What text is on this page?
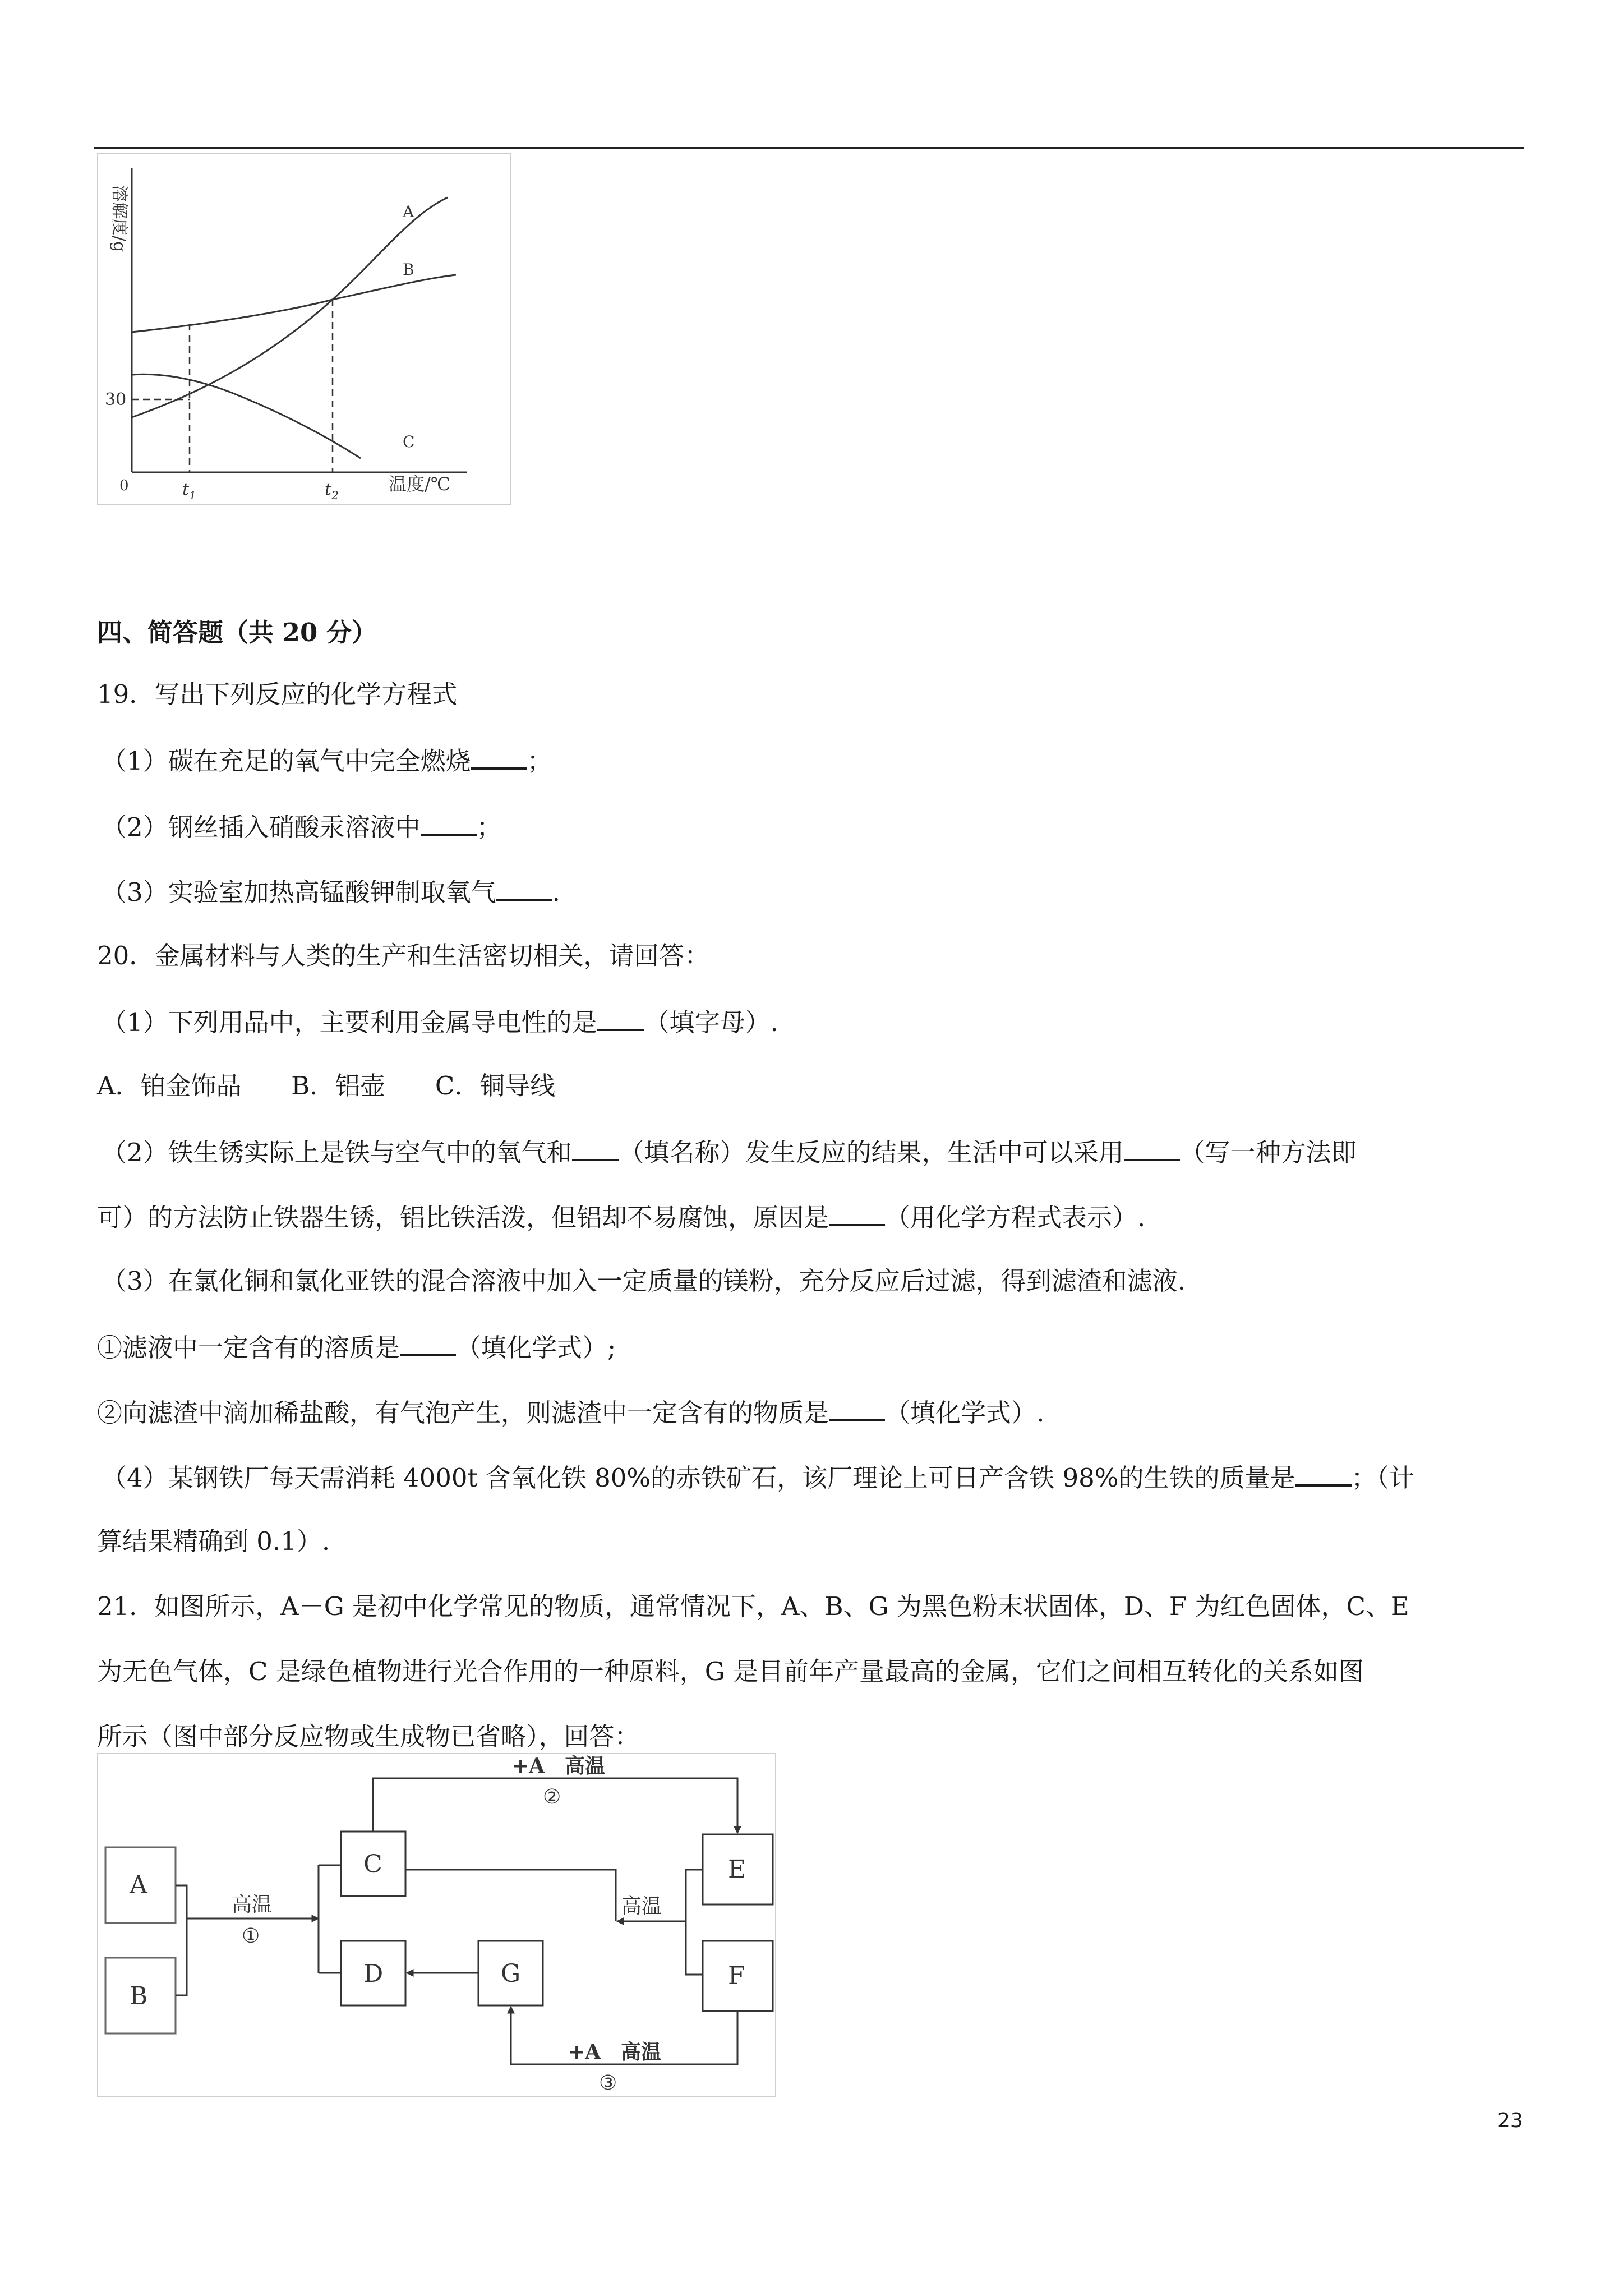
溶解度/g
30
0	$t_1$	$t_2$
温度/℃
A
B
C
四、简答题（共 20 分）
19．写出下列反应的化学方程式
（1）碳在充足的氧气中完全燃烧 ；
（2）钢丝插入硝酸汞溶液中 ；
（3）实验室加热高锰酸钾制取氧气 .
20．金属材料与人类的生产和生活密切相关，请回答：
（1）下列用品中，主要利用金属导电性的是 （填字母）.
A．铂金饰品 B．铝壶 C．铜导线
（2）铁生锈实际上是铁与空气中的氧气和 （填名称）发生反应的结果，生活中可以采用 （写一种方法即
可）的方法防止铁器生锈，铝比铁活泼，但铝却不易腐蚀，原因是 （用化学方程式表示）.
（3）在氯化铜和氯化亚铁的混合溶液中加入一定质量的镁粉，充分反应后过滤，得到滤渣和滤液.
①滤液中一定含有的溶质是 （填化学式）;
②向滤渣中滴加稀盐酸，有气泡产生，则滤渣中一定含有的物质是 （填化学式）.
（4）某钢铁厂每天需消耗 4000t 含氧化铁 80%的赤铁矿石，该厂理论上可日产含铁 98%的生铁的质量是 ；（计
算结果精确到 0.1）.
21．如图所示，A－G 是初中化学常见的物质，通常情况下，A、B、G 为黑色粉末状固体，D、F 为红色固体，C、E
为无色气体，C 是绿色植物进行光合作用的一种原料，G 是目前年产量最高的金属，它们之间相互转化的关系如图
所示（图中部分反应物或生成物已省略），回答：
A
B
C
D	G
E
F
高温
①
+A　高温
②
高温
+A　高温
③
23
